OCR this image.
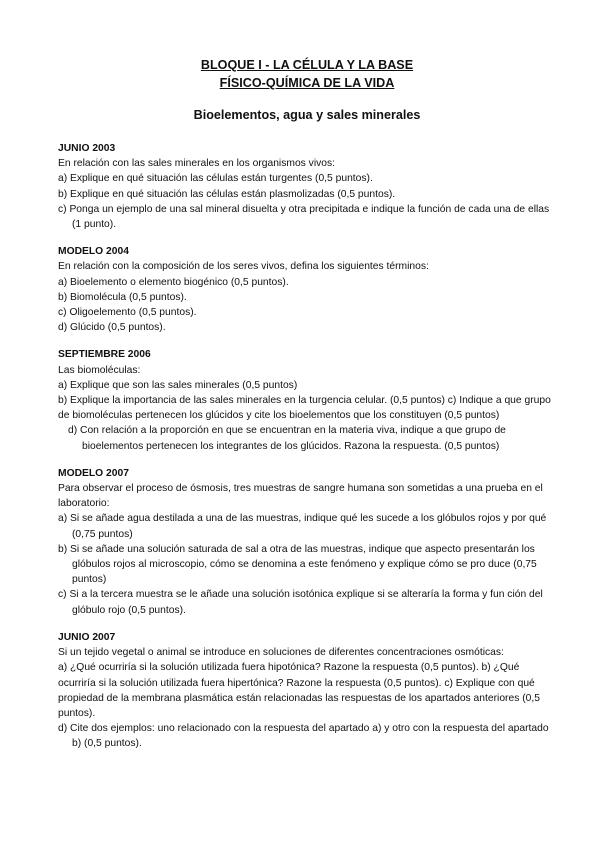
BLOQUE I - LA CÉLULA Y LA BASE

FÍSICO-QUÍMICA DE LA VIDA

Bioelementos, agua y sales minerales

JUNIO 2003

En relación con las sales minerales en los organismos vivos:

a) Explique en qué situación las células están turgentes (0,5 puntos).

b) Explique en qué situación las células están plasmolizadas (0,5 puntos).

c) Ponga un ejemplo de una sal mineral disuelta y otra precipitada e indique la función de cada una de ellas (1 punto).

MODELO 2004

En relación con la composición de los seres vivos, defina los siguientes términos:

a) Bioelemento o elemento biogénico (0,5 puntos).

b) Biomolécula (0,5 puntos).

c) Oligoelemento (0,5 puntos).

d) Glúcido (0,5 puntos).

SEPTIEMBRE 2006

Las biomoléculas:

a) Explique que son las sales minerales (0,5 puntos)

b) Explique la importancia de las sales minerales en la turgencia celular. (0,5 puntos) c) Indique a que grupo de biomoléculas pertenecen los glúcidos y cite los bioelementos que los constituyen (0,5 puntos)

d) Con relación a la proporción en que se encuentran en la materia viva, indique a que grupo de bioelementos pertenecen los integrantes de los glúcidos. Razona la respuesta. (0,5 puntos)

MODELO 2007

Para observar el proceso de ósmosis, tres muestras de sangre humana son sometidas a una prueba en el laboratorio:

a) Si se añade agua destilada a una de las muestras, indique qué les sucede a los glóbulos rojos y por qué (0,75 puntos)

b) Si se añade una solución saturada de sal a otra de las muestras, indique que aspecto presentarán los glóbulos rojos al microscopio, cómo se denomina a este fenómeno y explique cómo se pro duce (0,75 puntos)

c) Si a la tercera muestra se le añade una solución isotónica explique si se alteraría la forma y fun ción del glóbulo rojo (0,5 puntos).

JUNIO 2007

Si un tejido vegetal o animal se introduce en soluciones de diferentes concentraciones osmóticas:

a) ¿Qué ocurriría si la solución utilizada fuera hipotónica? Razone la respuesta (0,5 puntos). b) ¿Qué ocurriría si la solución utilizada fuera hipertónica? Razone la respuesta (0,5 puntos). c) Explique con qué propiedad de la membrana plasmática están relacionadas las respuestas de los apartados anteriores (0,5 puntos).

d) Cite dos ejemplos: uno relacionado con la respuesta del apartado a) y otro con la respuesta del apartado b) (0,5 puntos).
